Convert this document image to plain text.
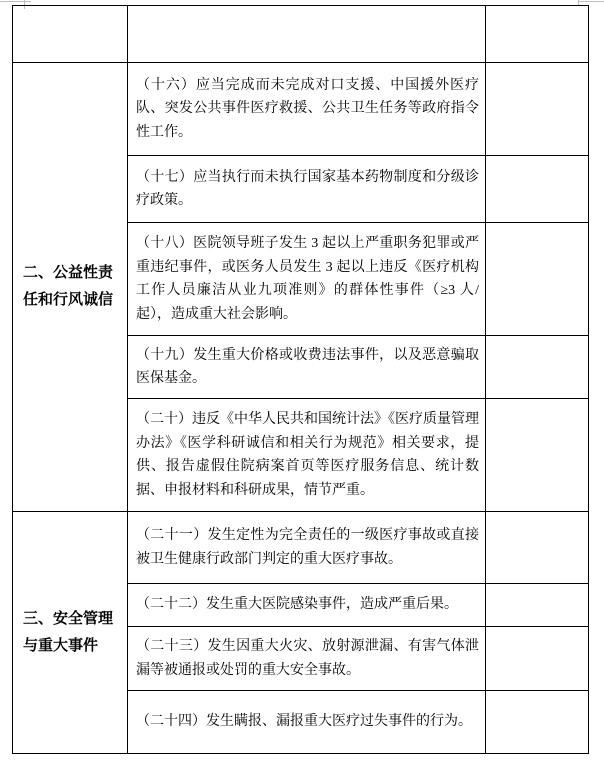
二、公益性责任和行风诚信	（十六）应当完成而未完成对口支援、中国援外医疗队、突发公共事件医疗救援、公共卫生任务等政府指令性工作。	
	（十七）应当执行而未执行国家基本药物制度和分级诊疗政策。	
	（十八）医院领导班子发生 3 起以上严重职务犯罪或严重违纪事件，或医务人员发生 3 起以上违反《医疗机构工作人员廉洁从业九项准则》的群体性事件（≥3 人/起），造成重大社会影响。	
	（十九）发生重大价格或收费违法事件，以及恶意骗取医保基金。	
	（二十）违反《中华人民共和国统计法》《医疗质量管理办法》《医学科研诚信和相关行为规范》相关要求，提供、报告虚假住院病案首页等医疗服务信息、统计数据、申报材料和科研成果，情节严重。	
三、安全管理与重大事件	（二十一）发生定性为完全责任的一级医疗事故或直接被卫生健康行政部门判定的重大医疗事故。	
	（二十二）发生重大医院感染事件，造成严重后果。	
	（二十三）发生因重大火灾、放射源泄漏、有害气体泄漏等被通报或处罚的重大安全事故。	
	（二十四）发生瞒报、漏报重大医疗过失事件的行为。	
